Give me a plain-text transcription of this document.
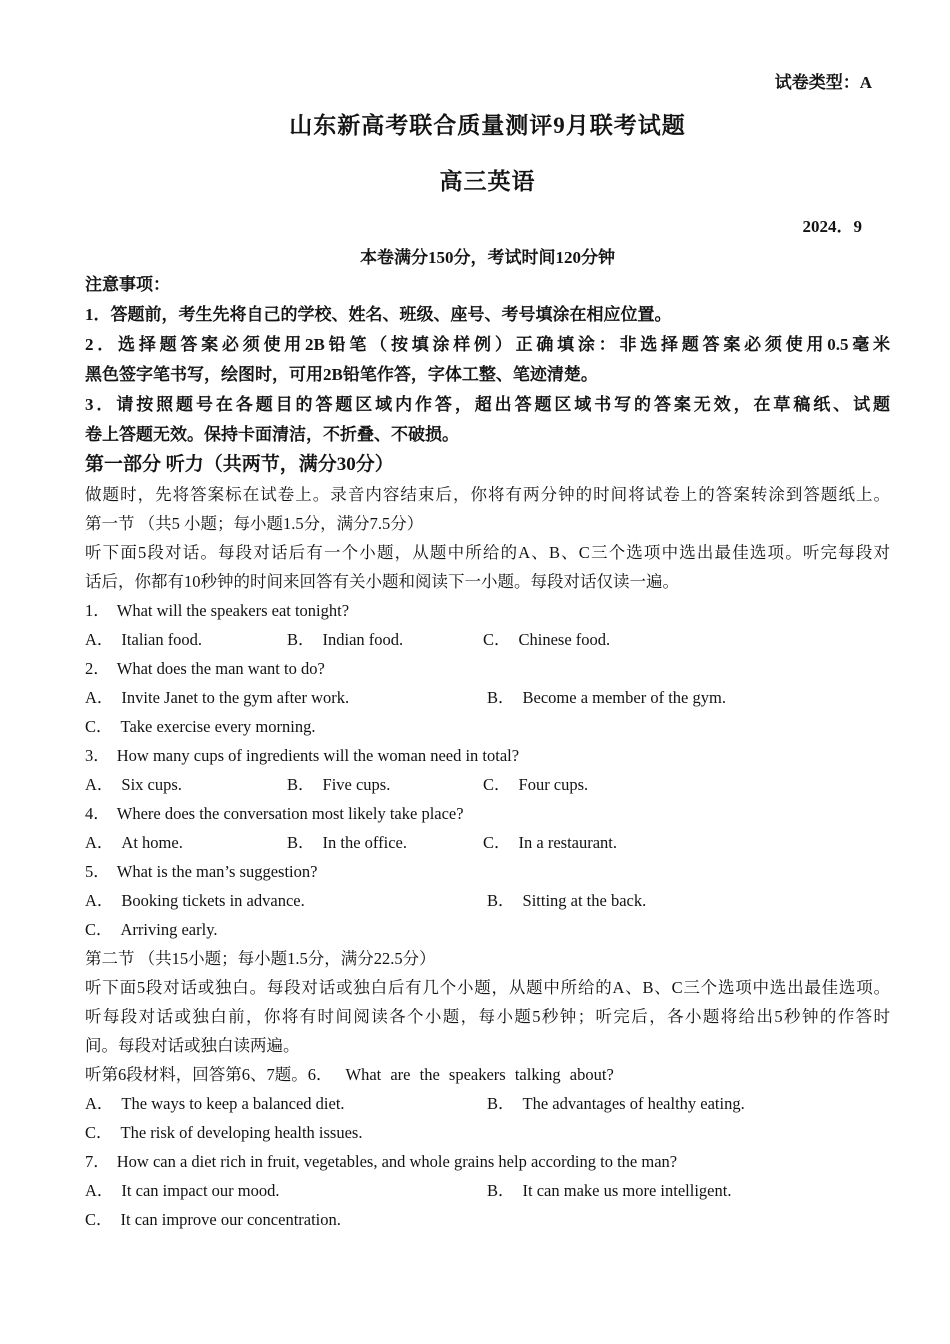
试卷类型：A
山东新高考联合质量测评9月联考试题
高三英语
2024．9
本卷满分150分，考试时间120分钟
注意事项：
1．答题前，考生先将自己的学校、姓名、班级、座号、考号填涂在相应位置。
2．选择题答案必须使用2B铅笔（按填涂样例）正确填涂：非选择题答案必须使用0.5毫米
黑色签字笔书写，绘图时，可用2B铅笔作答，字体工整、笔迹清楚。
3．请按照题号在各题目的答题区域内作答，超出答题区域书写的答案无效，在草稿纸、试题
卷上答题无效。保持卡面清洁，不折叠、不破损。
第一部分 听力（共两节，满分30分）
做题时，先将答案标在试卷上。录音内容结束后，你将有两分钟的时间将试卷上的答案转涂到答题纸上。
第一节 （共5 小题；每小题1.5分，满分7.5分）
听下面5段对话。每段对话后有一个小题，从题中所给的A、B、C三个选项中选出最佳选项。听完每段对
话后，你都有10秒钟的时间来回答有关小题和阅读下一小题。每段对话仅读一遍。
1． What will the speakers eat tonight?
A． Italian food.	B． Indian food.	C． Chinese food.
2． What does the man want to do?
A． Invite Janet to the gym after work.	B． Become a member of the gym.
C． Take exercise every morning.
3． How many cups of ingredients will the woman need in total?
A． Six cups.	B． Five cups.	C． Four cups.
4． Where does the conversation most likely take place?
A． At home.	B． In the office.	C． In a restaurant.
5． What is the man’s suggestion?
A． Booking tickets in advance.	B． Sitting at the back.
C． Arriving early.
第二节 （共15小题；每小题1.5分，满分22.5分）
听下面5段对话或独白。每段对话或独白后有几个小题，从题中所给的A、B、C三个选项中选出最佳选项。
听每段对话或独白前，你将有时间阅读各个小题，每小题5秒钟；听完后，各小题将给出5秒钟的作答时
间。每段对话或独白读两遍。
听第6段材料，回答第6、7题。6． What are the speakers talking about?
A． The ways to keep a balanced diet.	B． The advantages of healthy eating.
C． The risk of developing health issues.
7． How can a diet rich in fruit, vegetables, and whole grains help according to the man?
A． It can impact our mood.	B． It can make us more intelligent.
C． It can improve our concentration.
